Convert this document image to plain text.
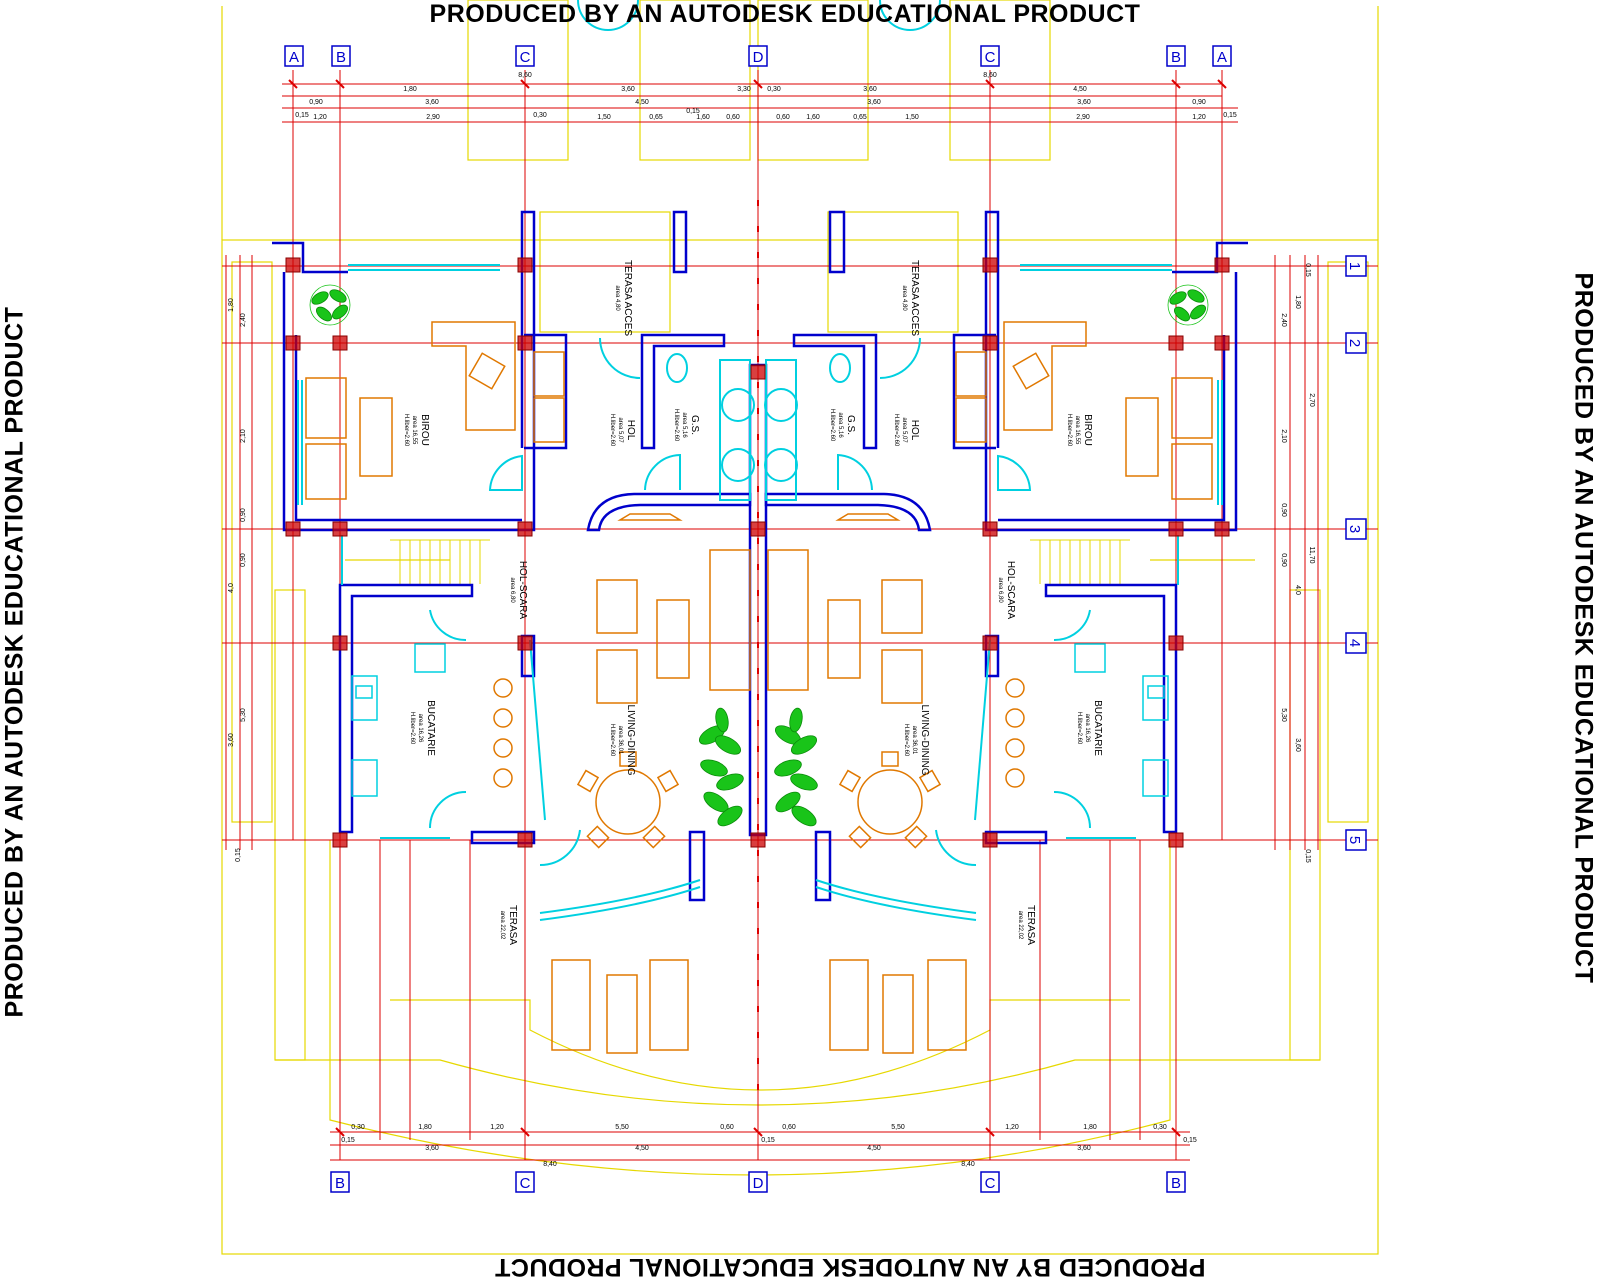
A B	C	D	C	B A
B	C	D	C	B
1
2
3
4
5
8,60	8,60
1,80	3,60	3,30 0,30	3,60	4,50
0,90	3,60	4,50
0,15
3,60	3,60	0,90
0,15 1,20	2,90	0,30	1,50	0,65	1,60 0,60	0,60 1,60	0,65	1,50	2,90	1,20 0,15
0,30	1,80	1,20	5,50	0,60	0,60	5,50	1,20	1,80	0,30
0,15
3,60	4,50
0,15
4,50	3,60
0,15
8,40	8,40
1,80
2,40
2,10
0,90
0,90
4,0
5,30
3,60
0,15
0,15
1,80
2,40
2,70
2,10
0,90
11,70
0,90
4,0
5,30
3,60
0,15
BIROU
area 16,55
H.liber=2.60	HOL
area 5,07
H.liber=2.60	G.S.
area 5,16
H.liber=2.60
TERASA ACCES
area 4,80
HOL-SCARA
area 6,80
BUCATARIE
area 16,26
H.liber=2.60	LIVING-DINING
area 36,01
H.liber=2.60
TERASA
area 22,02
BIROU
area 16,55
H.liber=2.60
HOL
area 5,07
H.liber=2.60
G.S.
area 5,16
H.liber=2.60
TERASA ACCES
area 4,80
HOL-SCARA
area 6,80
BUCATARIE
area 16,26
H.liber=2.60
LIVING-DINING
area 36,01
H.liber=2.60
TERASA
area 22,02
PRODUCED BY AN AUTODESK EDUCATIONAL PRODUCT
PRODUCED BY AN AUTODESK EDUCATIONAL PRODUCT
PRODUCED BY AN AUTODESK EDUCATIONAL PRODUCT	PRODUCED BY AN AUTODESK EDUCATIONAL PRODUCT
